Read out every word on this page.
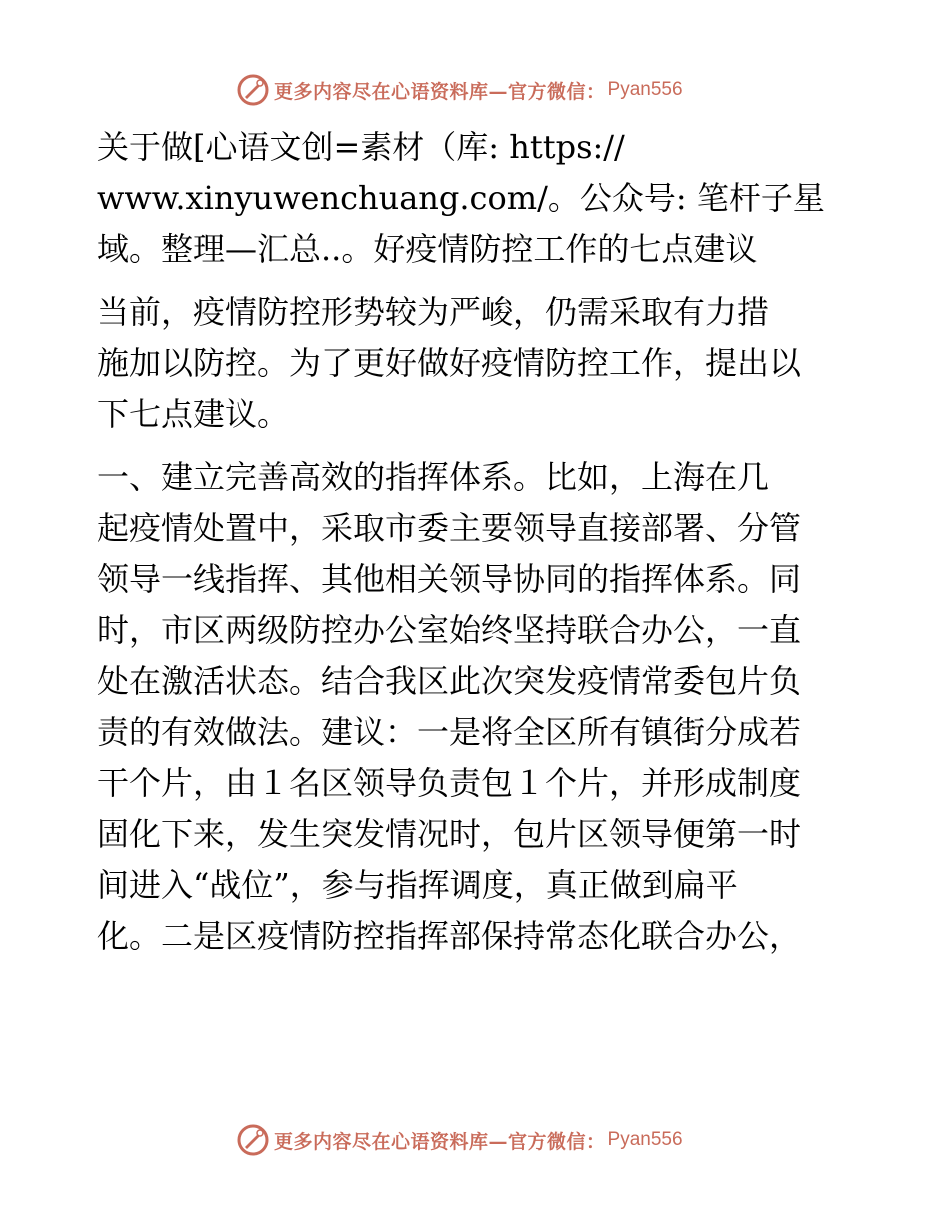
更多内容尽在心语资料库—官方微信： Pyan556
关于做[心语文创=素材（库: https://
www.xinyuwenchuang.com/。公众号: 笔杆子星
域。整理—汇总..。好疫情防控工作的七点建议
当前，疫情防控形势较为严峻，仍需采取有力措
施加以防控。为了更好做好疫情防控工作，提出以
下七点建议。
一、建立完善高效的指挥体系。比如，上海在几
起疫情处置中，采取市委主要领导直接部署、分管
领导一线指挥、其他相关领导协同的指挥体系。同
时，市区两级防控办公室始终坚持联合办公，一直
处在激活状态。结合我区此次突发疫情常委包片负
责的有效做法。建议：一是将全区所有镇街分成若
干个片，由１名区领导负责包１个片，并形成制度
固化下来，发生突发情况时，包片区领导便第一时
间进入“战位”，参与指挥调度，真正做到扁平
化。二是区疫情防控指挥部保持常态化联合办公，
更多内容尽在心语资料库—官方微信： Pyan556
